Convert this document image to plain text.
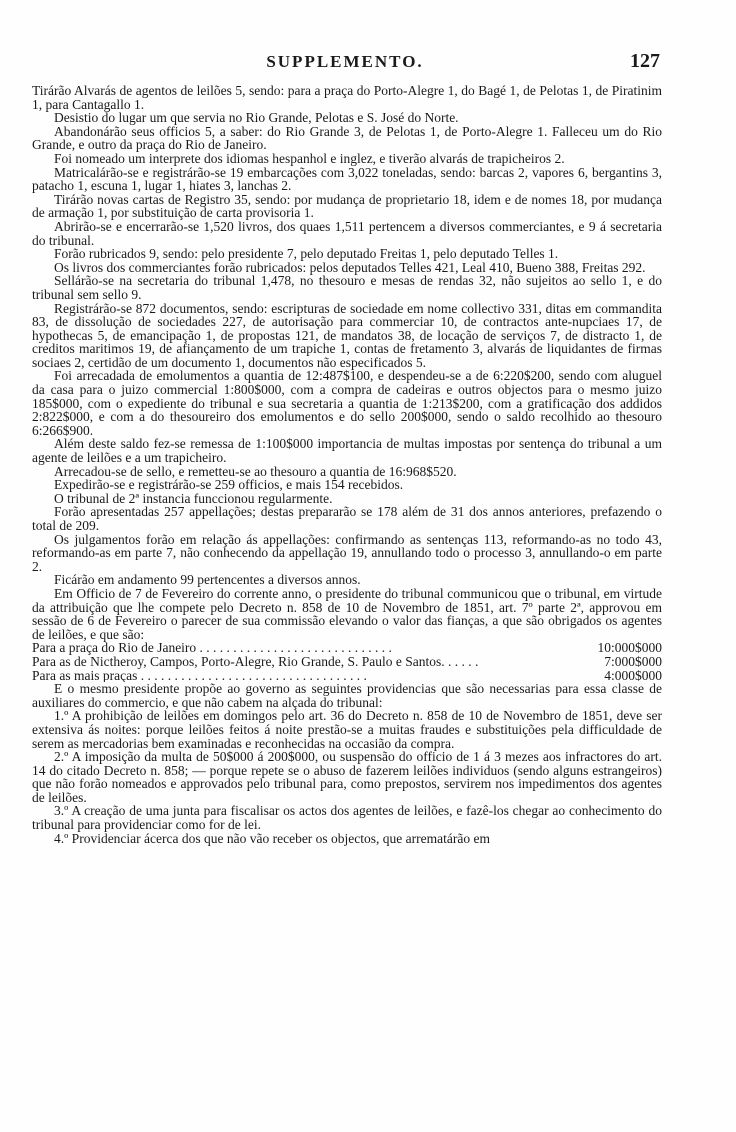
SUPPLEMENTO.	127

Tirárão Alvarás de agentos de leilões 5, sendo: para a praça do Porto-Alegre 1, do Bagé 1, de Pelotas 1, de Piratinim 1, para Cantagallo 1.

Desistio do lugar um que servia no Rio Grande, Pelotas e S. José do Norte.

Abandonárão seus officios 5, a saber: do Rio Grande 3, de Pelotas 1, de Porto-Alegre 1. Falleceu um do Rio Grande, e outro da praça do Rio de Janeiro.

Foi nomeado um interprete dos idiomas hespanhol e inglez, e tiverão alvarás de trapicheiros 2.

Matricalárão-se e registrárão-se 19 embarcações com 3,022 toneladas, sendo: barcas 2, vapores 6, bergantins 3, patacho 1, escuna 1, lugar 1, hiates 3, lanchas 2.

Tirárão novas cartas de Registro 35, sendo: por mudança de proprietario 18, idem e de nomes 18, por mudança de armação 1, por substituição de carta provisoria 1.

Abrirão-se e encerrarão-se 1,520 livros, dos quaes 1,511 pertencem a diversos commerciantes, e 9 á secretaria do tribunal.

Forão rubricados 9, sendo: pelo presidente 7, pelo deputado Freitas 1, pelo deputado Telles 1.

Os livros dos commerciantes forão rubricados: pelos deputados Telles 421, Leal 410, Bueno 388, Freitas 292.

Sellárão-se na secretaria do tribunal 1,478, no thesouro e mesas de rendas 32, não sujeitos ao sello 1, e do tribunal sem sello 9.

Registrárão-se 872 documentos, sendo: escripturas de sociedade em nome collectivo 331, ditas em commandita 83, de dissolução de sociedades 227, de autorisação para commerciar 10, de contractos ante-nupciaes 17, de hypothecas 5, de emancipação 1, de propostas 121, de mandatos 38, de locação de serviços 7, de distracto 1, de creditos maritimos 19, de afiançamento de um trapiche 1, contas de fretamento 3, alvarás de liquidantes de firmas sociaes 2, certidão de um documento 1, documentos não especificados 5.

Foi arrecadada de emolumentos a quantia de 12:487$100, e despendeu-se a de 6:220$200, sendo com aluguel da casa para o juizo commercial 1:800$000, com a compra de cadeiras e outros objectos para o mesmo juizo 185$000, com o expediente do tribunal e sua secretaria a quantia de 1:213$200, com a gratificação dos addidos 2:822$000, e com a do thesoureiro dos emolumentos e do sello 200$000, sendo o saldo recolhido ao thesouro 6:266$900.

Além deste saldo fez-se remessa de 1:100$000 importancia de multas impostas por sentença do tribunal a um agente de leilões e a um trapicheiro.

Arrecadou-se de sello, e remetteu-se ao thesouro a quantia de 16:968$520.

Expedirão-se e registrárão-se 259 officios, e mais 154 recebidos.

O tribunal de 2ª instancia funccionou regularmente.

Forão apresentadas 257 appellações; destas prepararão se 178 além de 31 dos annos anteriores, prefazendo o total de 209.

Os julgamentos forão em relação ás appellações: confirmando as sentenças 113, reformando-as no todo 43, reformando-as em parte 7, não conhecendo da appellação 19, annullando todo o processo 3, annullando-o em parte 2.

Ficárão em andamento 99 pertencentes a diversos annos.

Em Officio de 7 de Fevereiro do corrente anno, o presidente do tribunal communicou que o tribunal, em virtude da attribuição que lhe compete pelo Decreto n. 858 de 10 de Novembro de 1851, art. 7º parte 2ª, approvou em sessão de 6 de Fevereiro o parecer de sua commissão elevando o valor das fianças, a que são obrigados os agentes de leilões, e que são:

Para a praça do Rio de Janeiro . . . . . . . . . . . . . . . . . . . . . . . . . . . . .	10:000$000
Para as de Nictheroy, Campos, Porto-Alegre, Rio Grande, S. Paulo e Santos. . . . . .	7:000$000
Para as mais praças . . . . . . . . . . . . . . . . . . . . . . . . . . . . . . . . . .	4:000$000

E o mesmo presidente propõe ao governo as seguintes providencias que são necessarias para essa classe de auxiliares do commercio, e que não cabem na alçada do tribunal:

1.º A prohibição de leilões em domingos pelo art. 36 do Decreto n. 858 de 10 de Novembro de 1851, deve ser extensiva ás noites: porque leilões feitos á noite prestão-se a muitas fraudes e substituições pela difficuldade de serem as mercadorias bem examinadas e reconhecidas na occasião da compra.

2.º A imposição da multa de 50$000 á 200$000, ou suspensão do officio de 1 á 3 mezes aos infractores do art. 14 do citado Decreto n. 858; — porque repete se o abuso de fazerem leilões individuos (sendo alguns estrangeiros) que não forão nomeados e approvados pelo tribunal para, como prepostos, servirem nos impedimentos dos agentes de leilões.

3.º A creação de uma junta para fiscalisar os actos dos agentes de leilões, e fazê-los chegar ao conhecimento do tribunal para providenciar como for de lei.

4.º Providenciar ácerca dos que não vão receber os objectos, que arrematárão em
